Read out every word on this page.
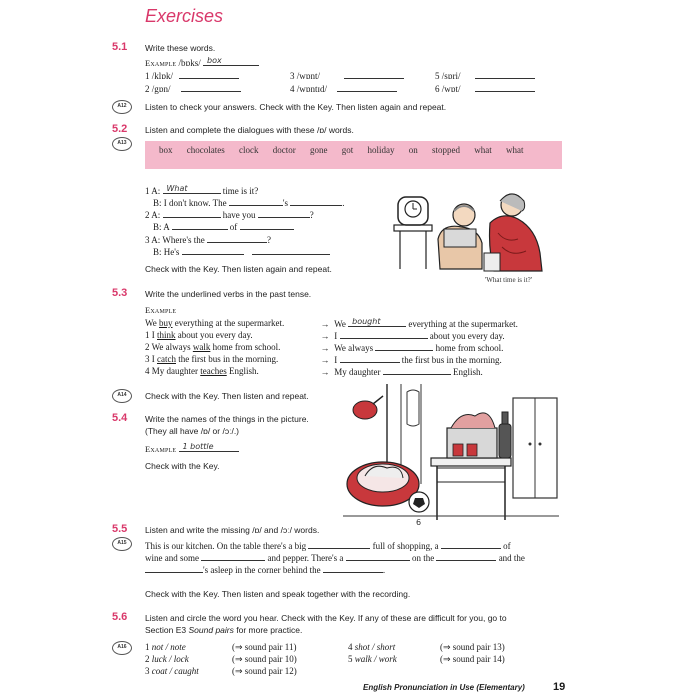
Exercises
5.1 Write these words.
Example /bɒks/ box
1 /klɒk/	3 /wɒnt/	5 /sɒri/
2 /gɒn/	4 /wɒntɪd/	6 /wɒt/
A12	Listen to check your answers. Check with the Key. Then listen again and repeat.
5.2
A13
Listen and complete the dialogues with these /ɒ/ words.
box chocolates clock doctor gone got holiday on stopped what what
1 A: What	time is it?
B: I don't know. The	's	.
2 A:	have you	?
B: A	of
3 A: Where's the	?
B: He's
Check with the Key. Then listen again and repeat.
'What time is it?'
5.3 Write the underlined verbs in the past tense.
Example
We buy everything at the supermarket.	→ We bought	everything at the supermarket.
1 I think about you every day.	→ I	about you every day.
2 We always walk home from school.	→ We always	home from school.
3 I catch the first bus in the morning.	→ I	the first bus in the morning.
4 My daughter teaches English.	→ My daughter	English.
A14	Check with the Key. Then listen and repeat.
5.4 Write the names of the things in the picture.
(They all have /ɒ/ or /ɔː/.)
Example 1 bottle
Check with the Key.
6
5.5
A15
Listen and write the missing /ɒ/ and /ɔː/ words.
This is our kitchen. On the table there's a big	full of shopping, a	of
wine and some	and pepper. There's a	on the	and the
's asleep in the corner behind the	.
Check with the Key. Then listen and speak together with the recording.
5.6 Listen and circle the word you hear. Check with the Key. If any of these are difficult for you, go to
Section E3 Sound pairs for more practice.
A16	1 not / note	(⇒ sound pair 11)	4 shot / short	(⇒ sound pair 13)
2 luck / lock	(⇒ sound pair 10)	5 walk / work	(⇒ sound pair 14)
3 coat / caught	(⇒ sound pair 12)
English Pronunciation in Use (Elementary)	19
